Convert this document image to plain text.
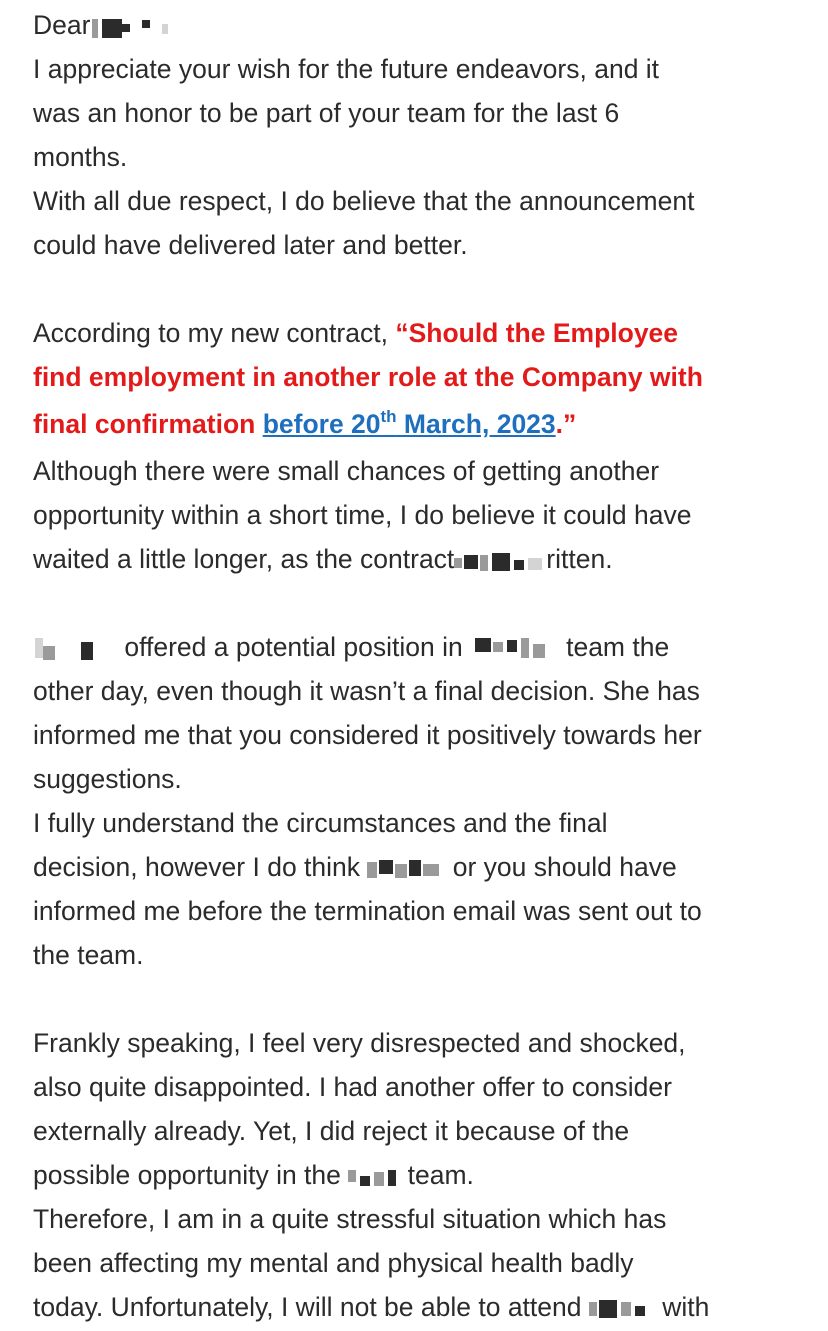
Dear
I appreciate your wish for the future endeavors, and it
was an honor to be part of your team for the last 6
months.
With all due respect, I do believe that the announcement
could have delivered later and better.
According to my new contract, “Should the Employee
find employment in another role at the Company with
final confirmation before 20th March, 2023.”
Although there were small chances of getting another
opportunity within a short time, I do believe it could have
waited a little longer, as the contract	ritten.
offered a potential position in	team the
other day, even though it wasn’t a final decision. She has
informed me that you considered it positively towards her
suggestions.
I fully understand the circumstances and the final
decision, however I do think	or you should have
informed me before the termination email was sent out to
the team.
Frankly speaking, I feel very disrespected and shocked,
also quite disappointed. I had another offer to consider
externally already. Yet, I did reject it because of the
possible opportunity in the
team.
Therefore, I am in a quite stressful situation which has
been affecting my mental and physical health badly
today. Unfortunately, I will not be able to attend
with
